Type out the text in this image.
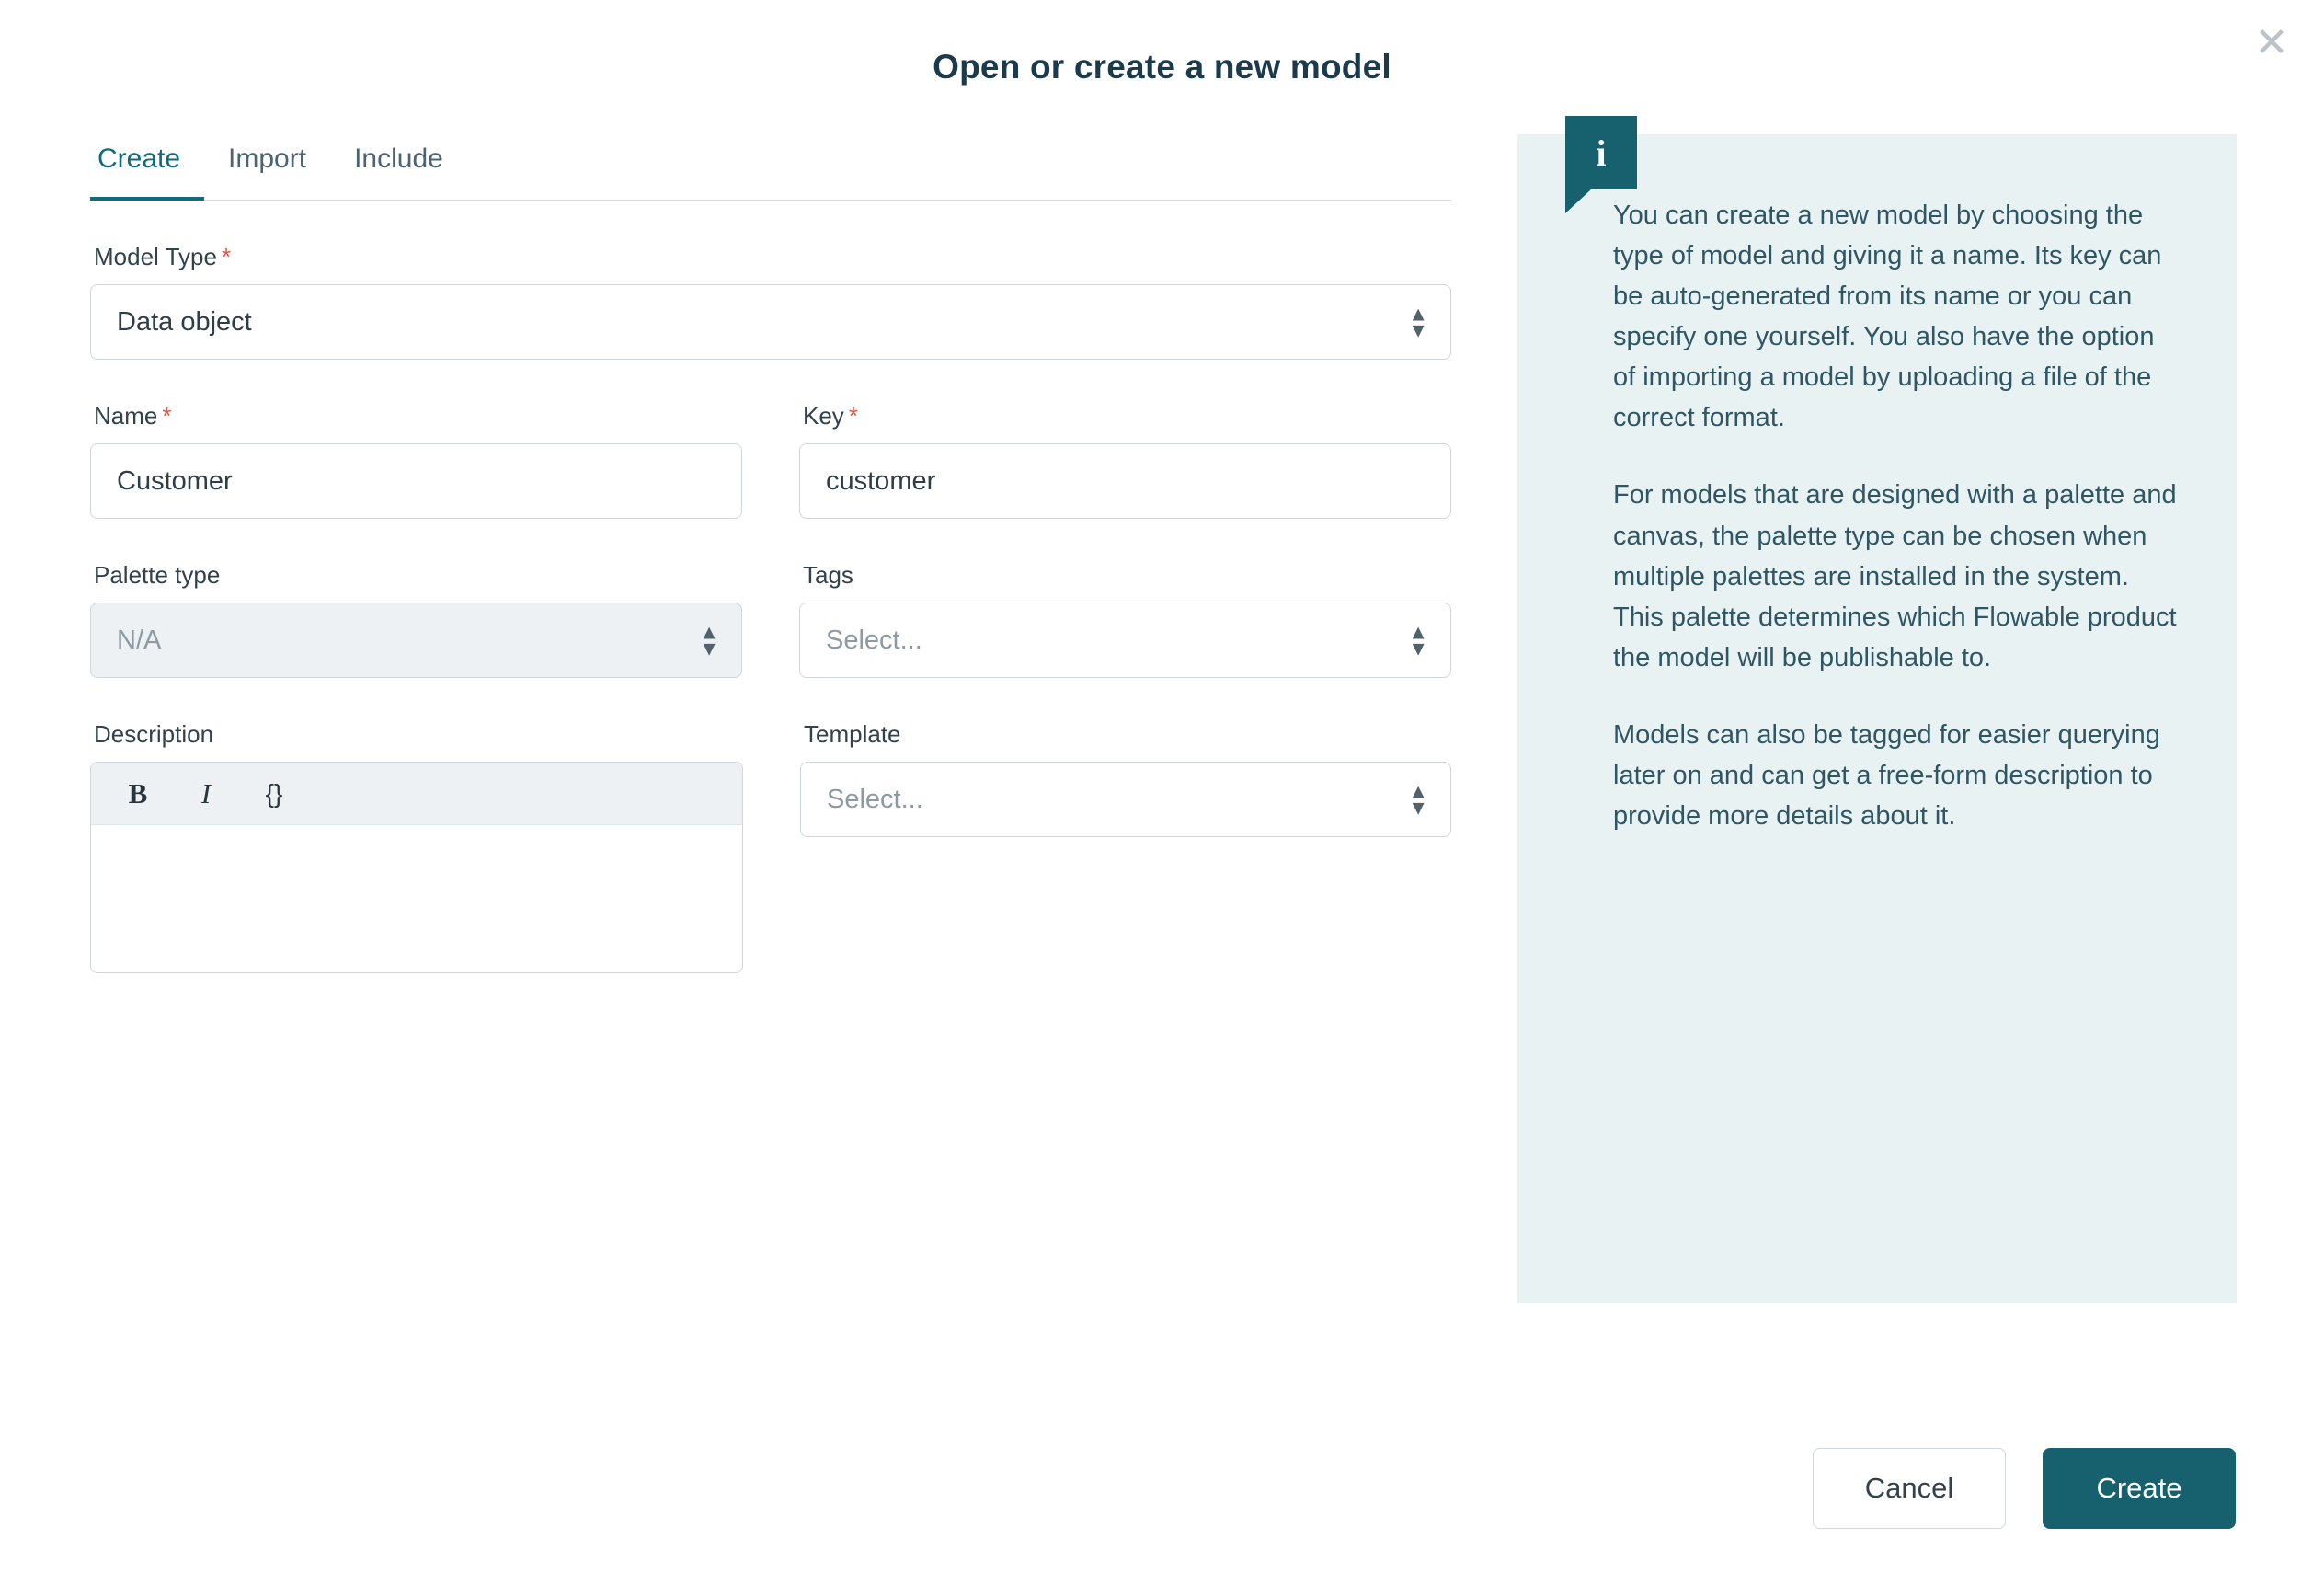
✕
Open or create a new model
Create	Import	Include
Model Type *
Data object	▲
▼
Name *
Customer
Key *
customer
Palette type
N/A	▲
▼
Tags
Select...	▲
▼
Description
B	I	{}
Template
Select...	▲
▼
i

You can create a new model by choosing the type of model and giving it a name. Its key can be auto-generated from its name or you can specify one yourself. You also have the option of importing a model by uploading a file of the correct format.

For models that are designed with a palette and canvas, the palette type can be chosen when multiple palettes are installed in the system. This palette determines which Flowable product the model will be publishable to.

Models can also be tagged for easier querying later on and can get a free-form description to provide more details about it.

Cancel	Create
